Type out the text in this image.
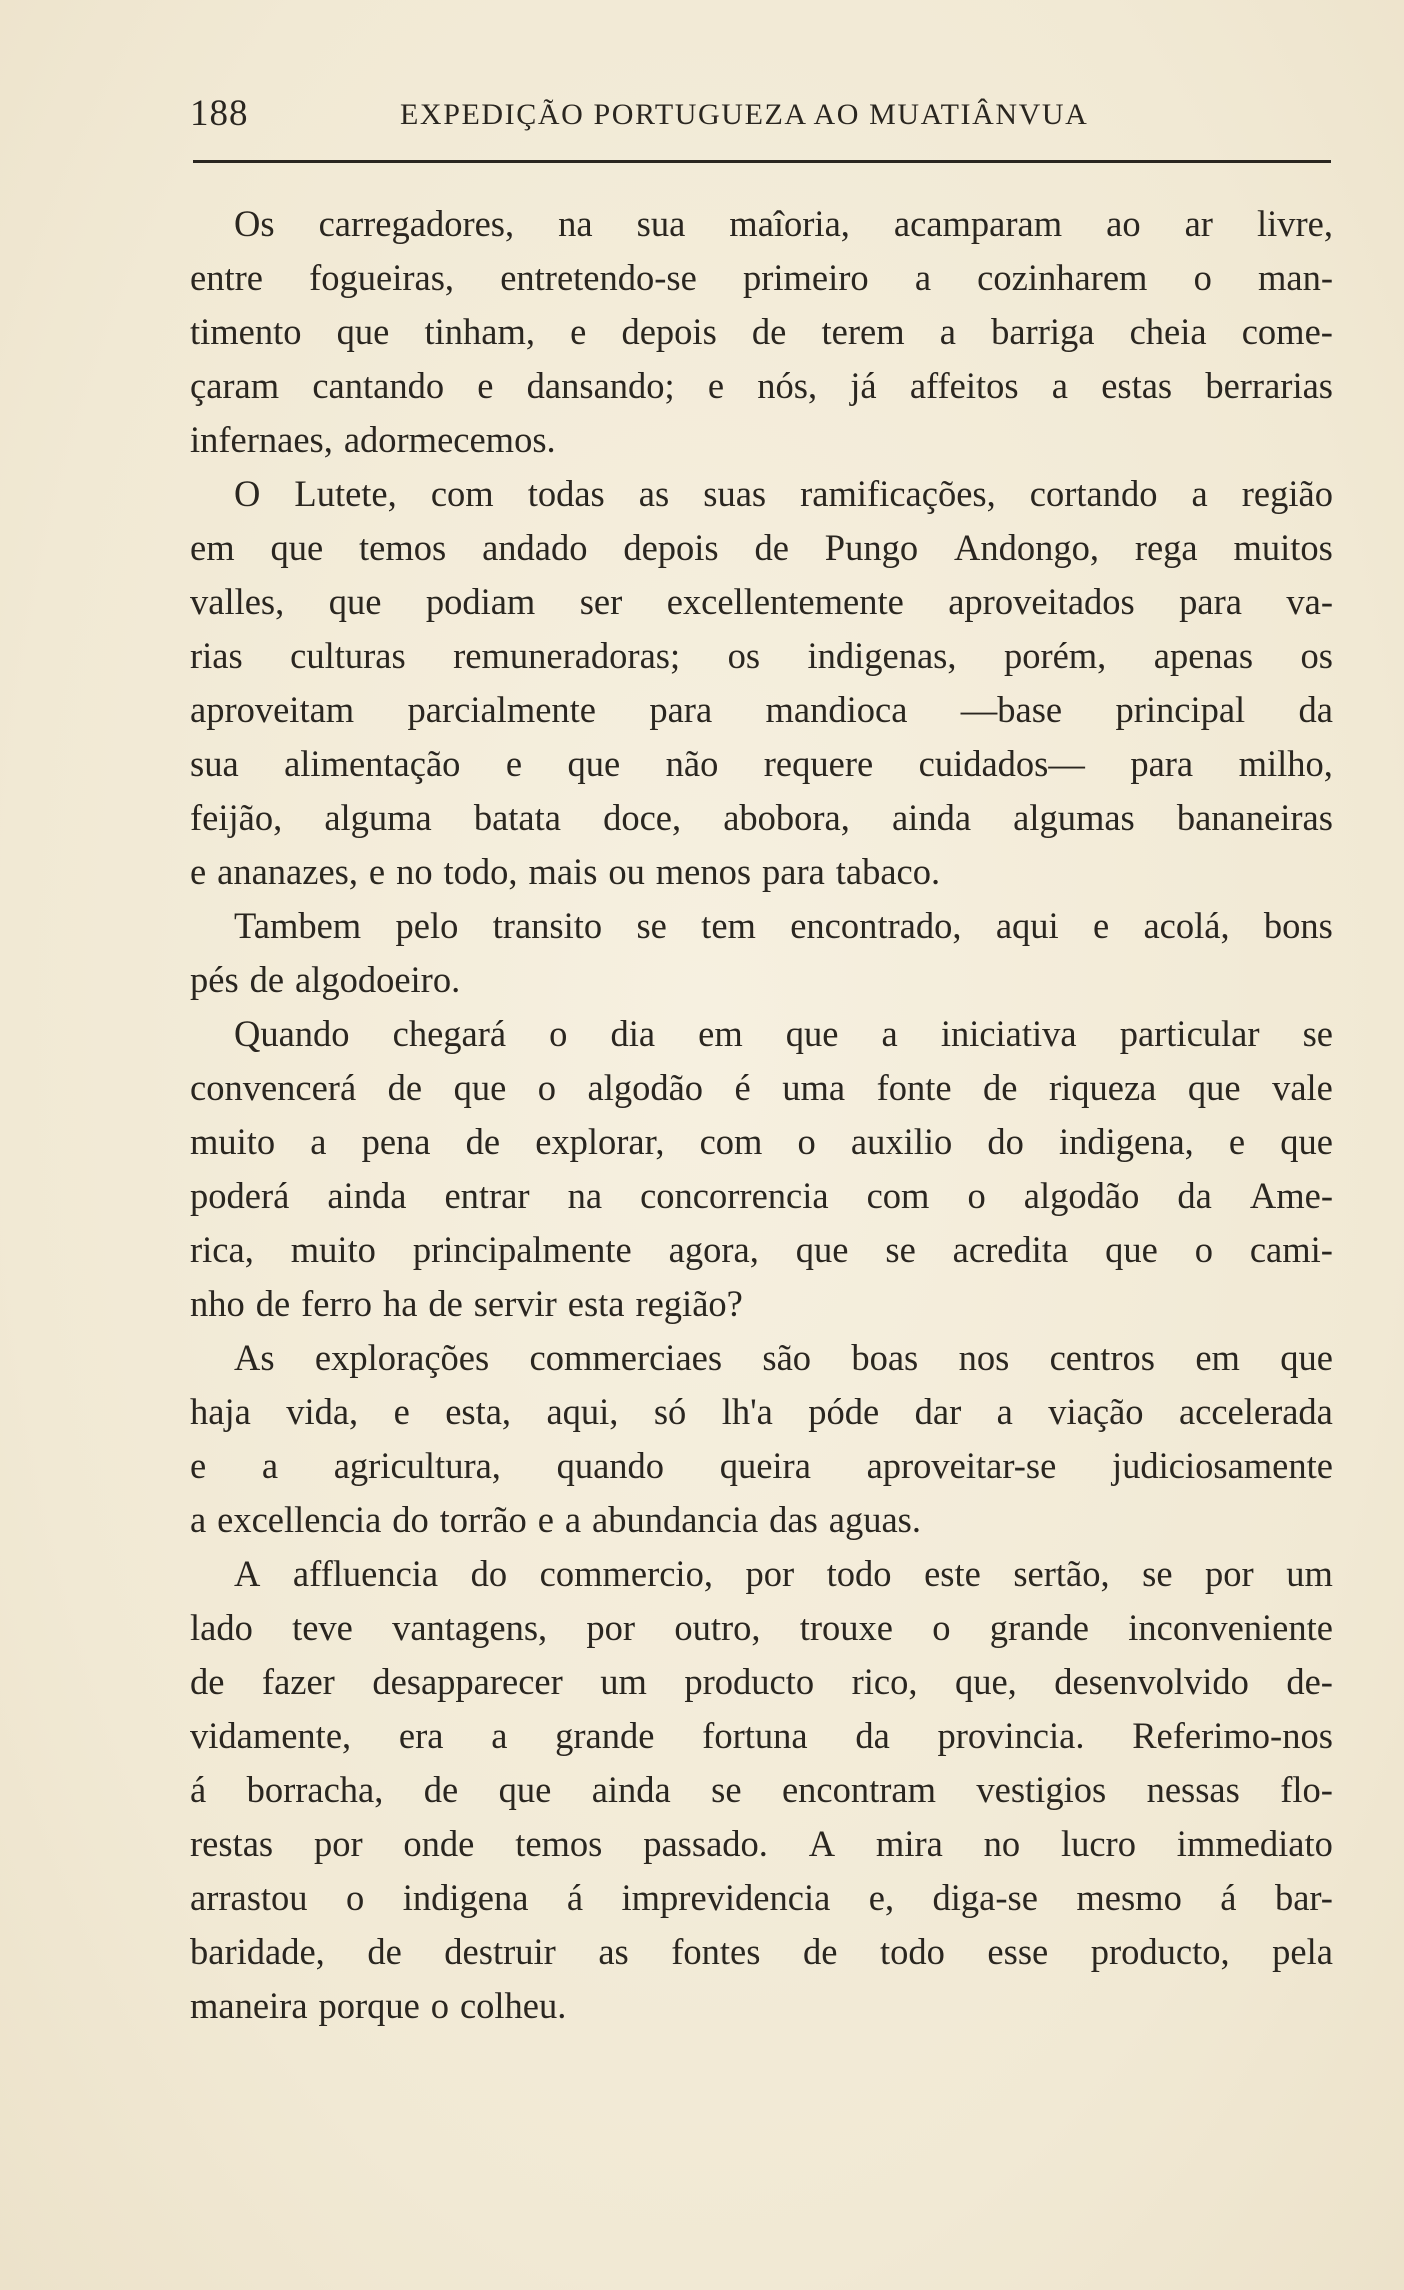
188	EXPEDIÇÃO PORTUGUEZA AO MUATIÂNVUA
Os carregadores, na sua maîoria, acamparam ao ar livre,
entre fogueiras, entretendo-se primeiro a cozinharem o man-
timento que tinham, e depois de terem a barriga cheia come-
çaram cantando e dansando; e nós, já affeitos a estas berrarias
infernaes, adormecemos.
O Lutete, com todas as suas ramificações, cortando a região
em que temos andado depois de Pungo Andongo, rega muitos
valles, que podiam ser excellentemente aproveitados para va-
rias culturas remuneradoras; os indigenas, porém, apenas os
aproveitam parcialmente para mandioca —base principal da
sua alimentação e que não requere cuidados— para milho,
feijão, alguma batata doce, abobora, ainda algumas bananeiras
e ananazes, e no todo, mais ou menos para tabaco.
Tambem pelo transito se tem encontrado, aqui e acolá, bons
pés de algodoeiro.
Quando chegará o dia em que a iniciativa particular se
convencerá de que o algodão é uma fonte de riqueza que vale
muito a pena de explorar, com o auxilio do indigena, e que
poderá ainda entrar na concorrencia com o algodão da Ame-
rica, muito principalmente agora, que se acredita que o cami-
nho de ferro ha de servir esta região?
As explorações commerciaes são boas nos centros em que
haja vida, e esta, aqui, só lh'a póde dar a viação accelerada
e a agricultura, quando queira aproveitar-se judiciosamente
a excellencia do torrão e a abundancia das aguas.
A affluencia do commercio, por todo este sertão, se por um
lado teve vantagens, por outro, trouxe o grande inconveniente
de fazer desapparecer um producto rico, que, desenvolvido de-
vidamente, era a grande fortuna da provincia. Referimo-nos
á borracha, de que ainda se encontram vestigios nessas flo-
restas por onde temos passado. A mira no lucro immediato
arrastou o indigena á imprevidencia e, diga-se mesmo á bar-
baridade, de destruir as fontes de todo esse producto, pela
maneira porque o colheu.
